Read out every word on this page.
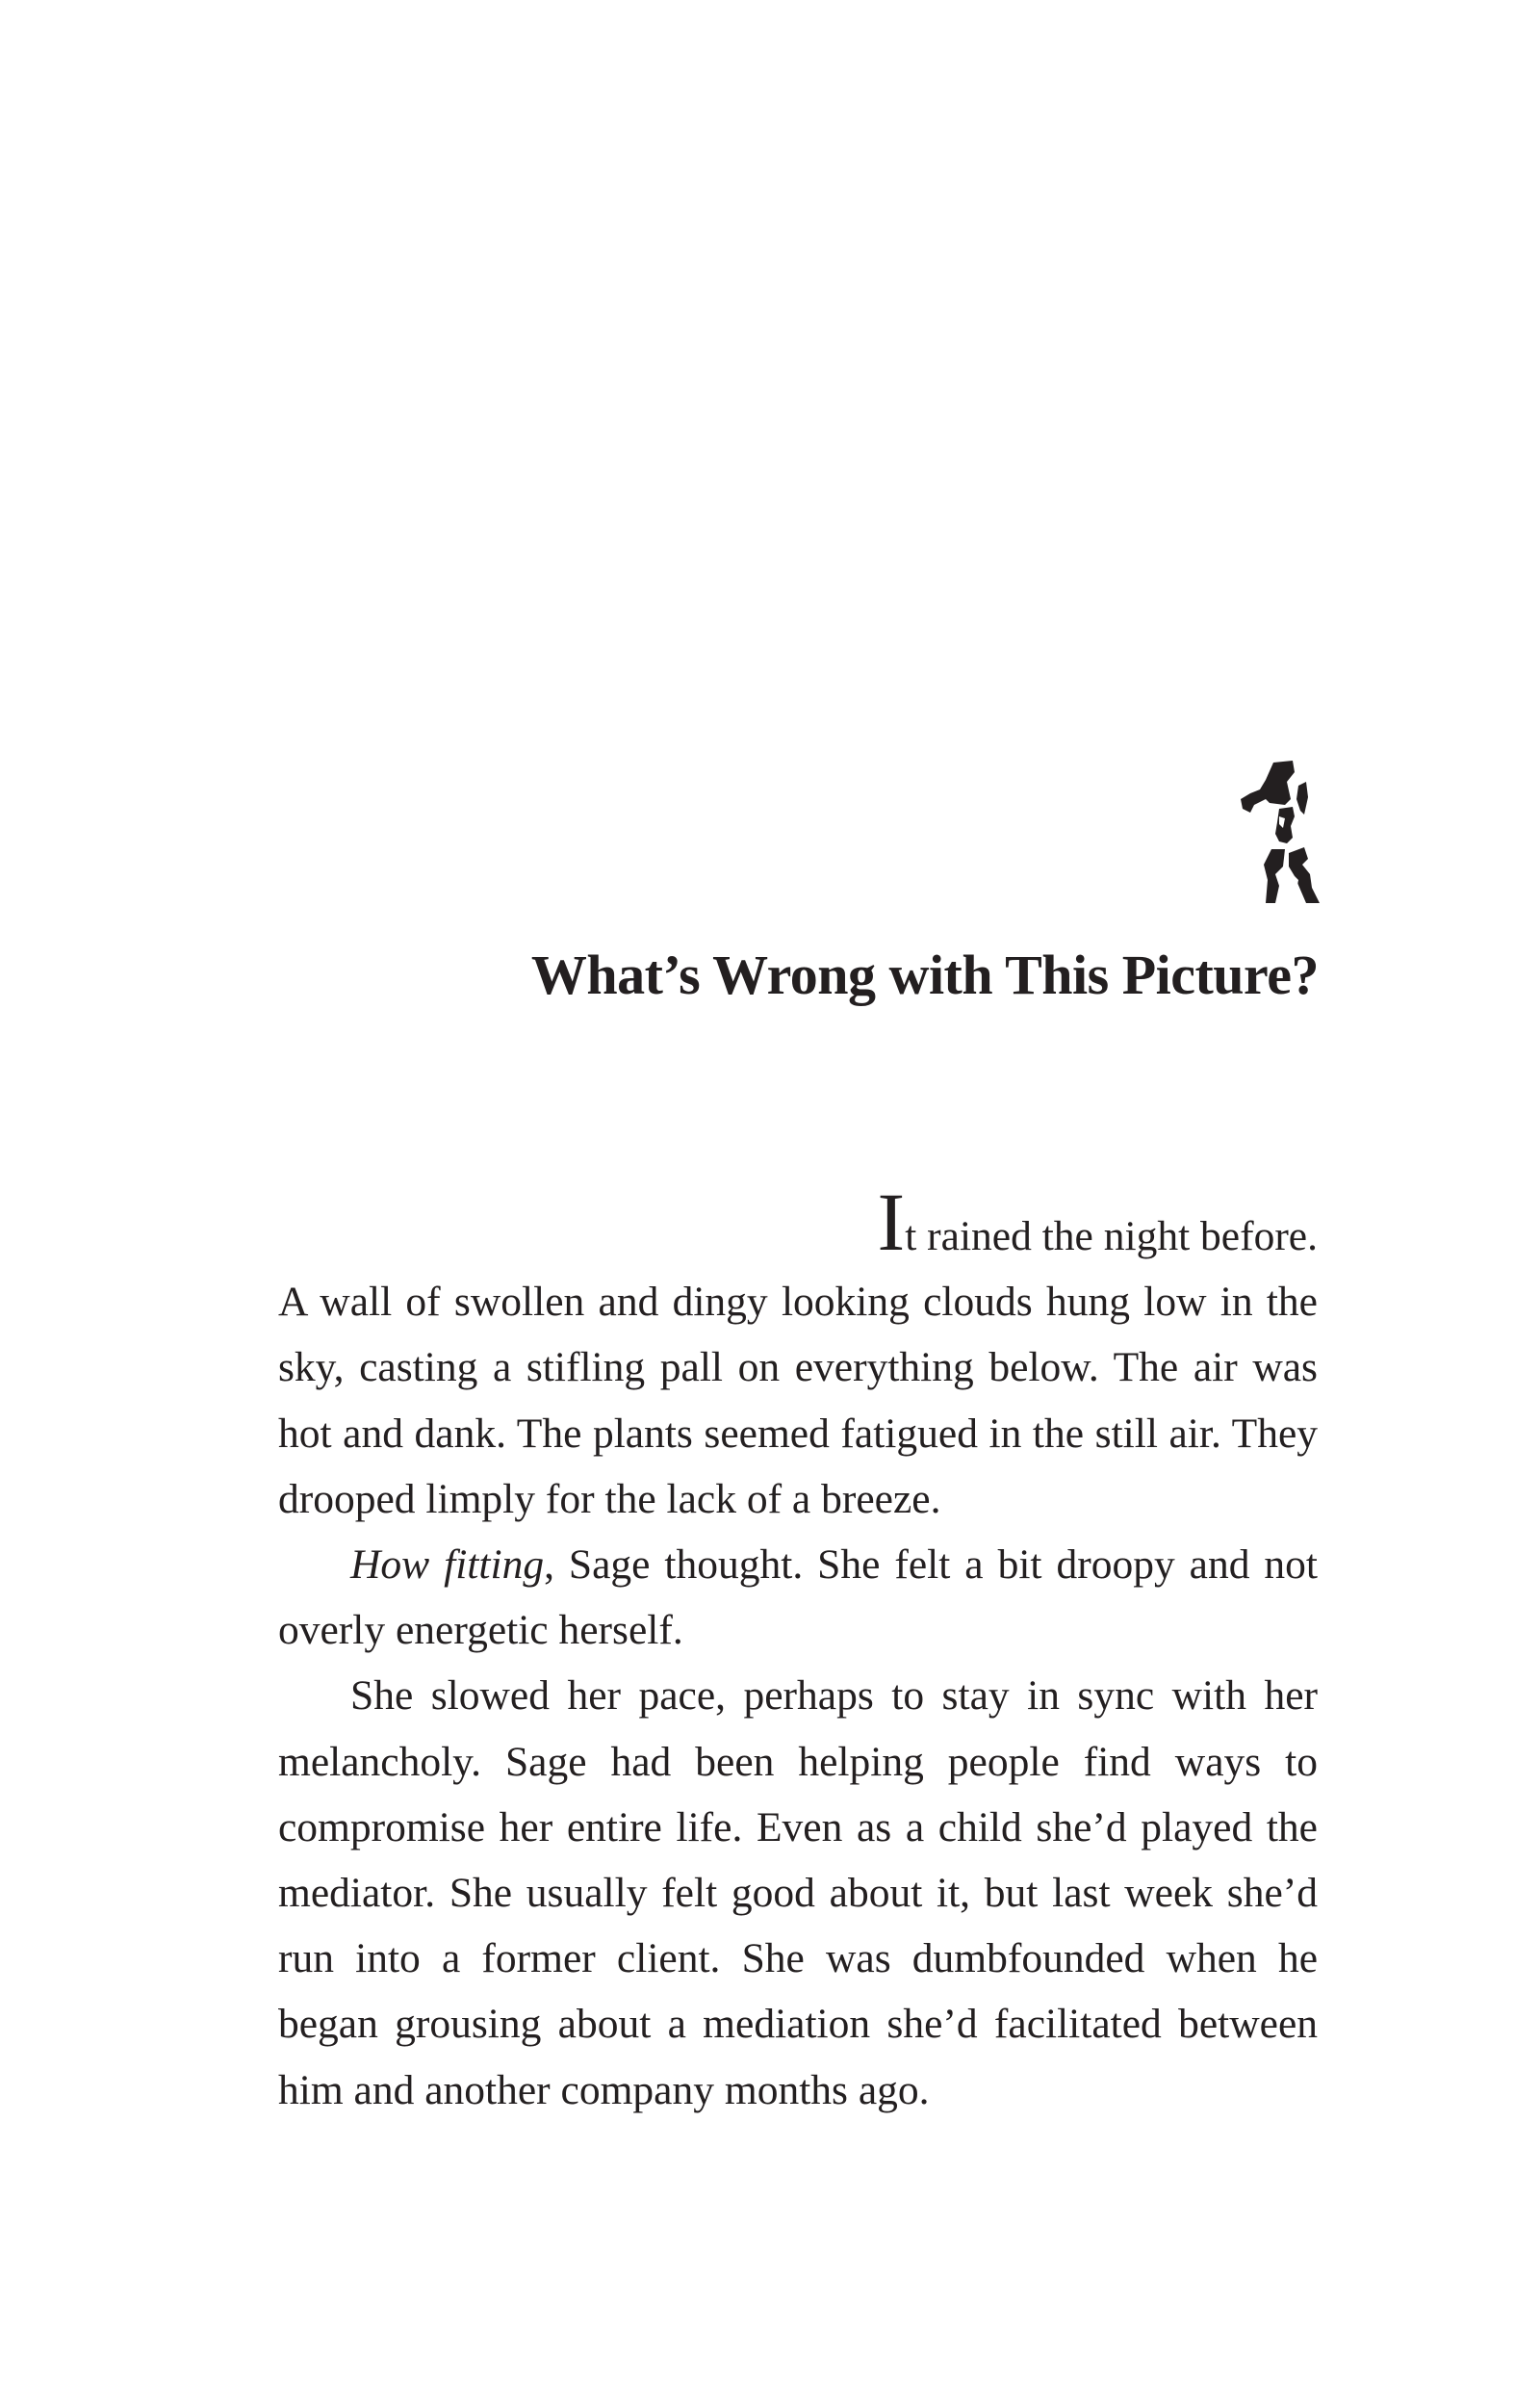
What’s Wrong with This Picture?

It rained the night before.
A wall of swollen and dingy looking clouds hung low in the sky, casting a stifling pall on everything below. The air was hot and dank. The plants seemed fatigued in the still air. They drooped limply for the lack of a breeze.

How fitting, Sage thought. She felt a bit droopy and not overly energetic herself.

She slowed her pace, perhaps to stay in sync with her melancholy. Sage had been helping people find ways to compromise her entire life. Even as a child she’d played the mediator. She usually felt good about it, but last week she’d run into a former client. She was dumbfounded when he began grousing about a mediation she’d facilitated between him and another company months ago.
